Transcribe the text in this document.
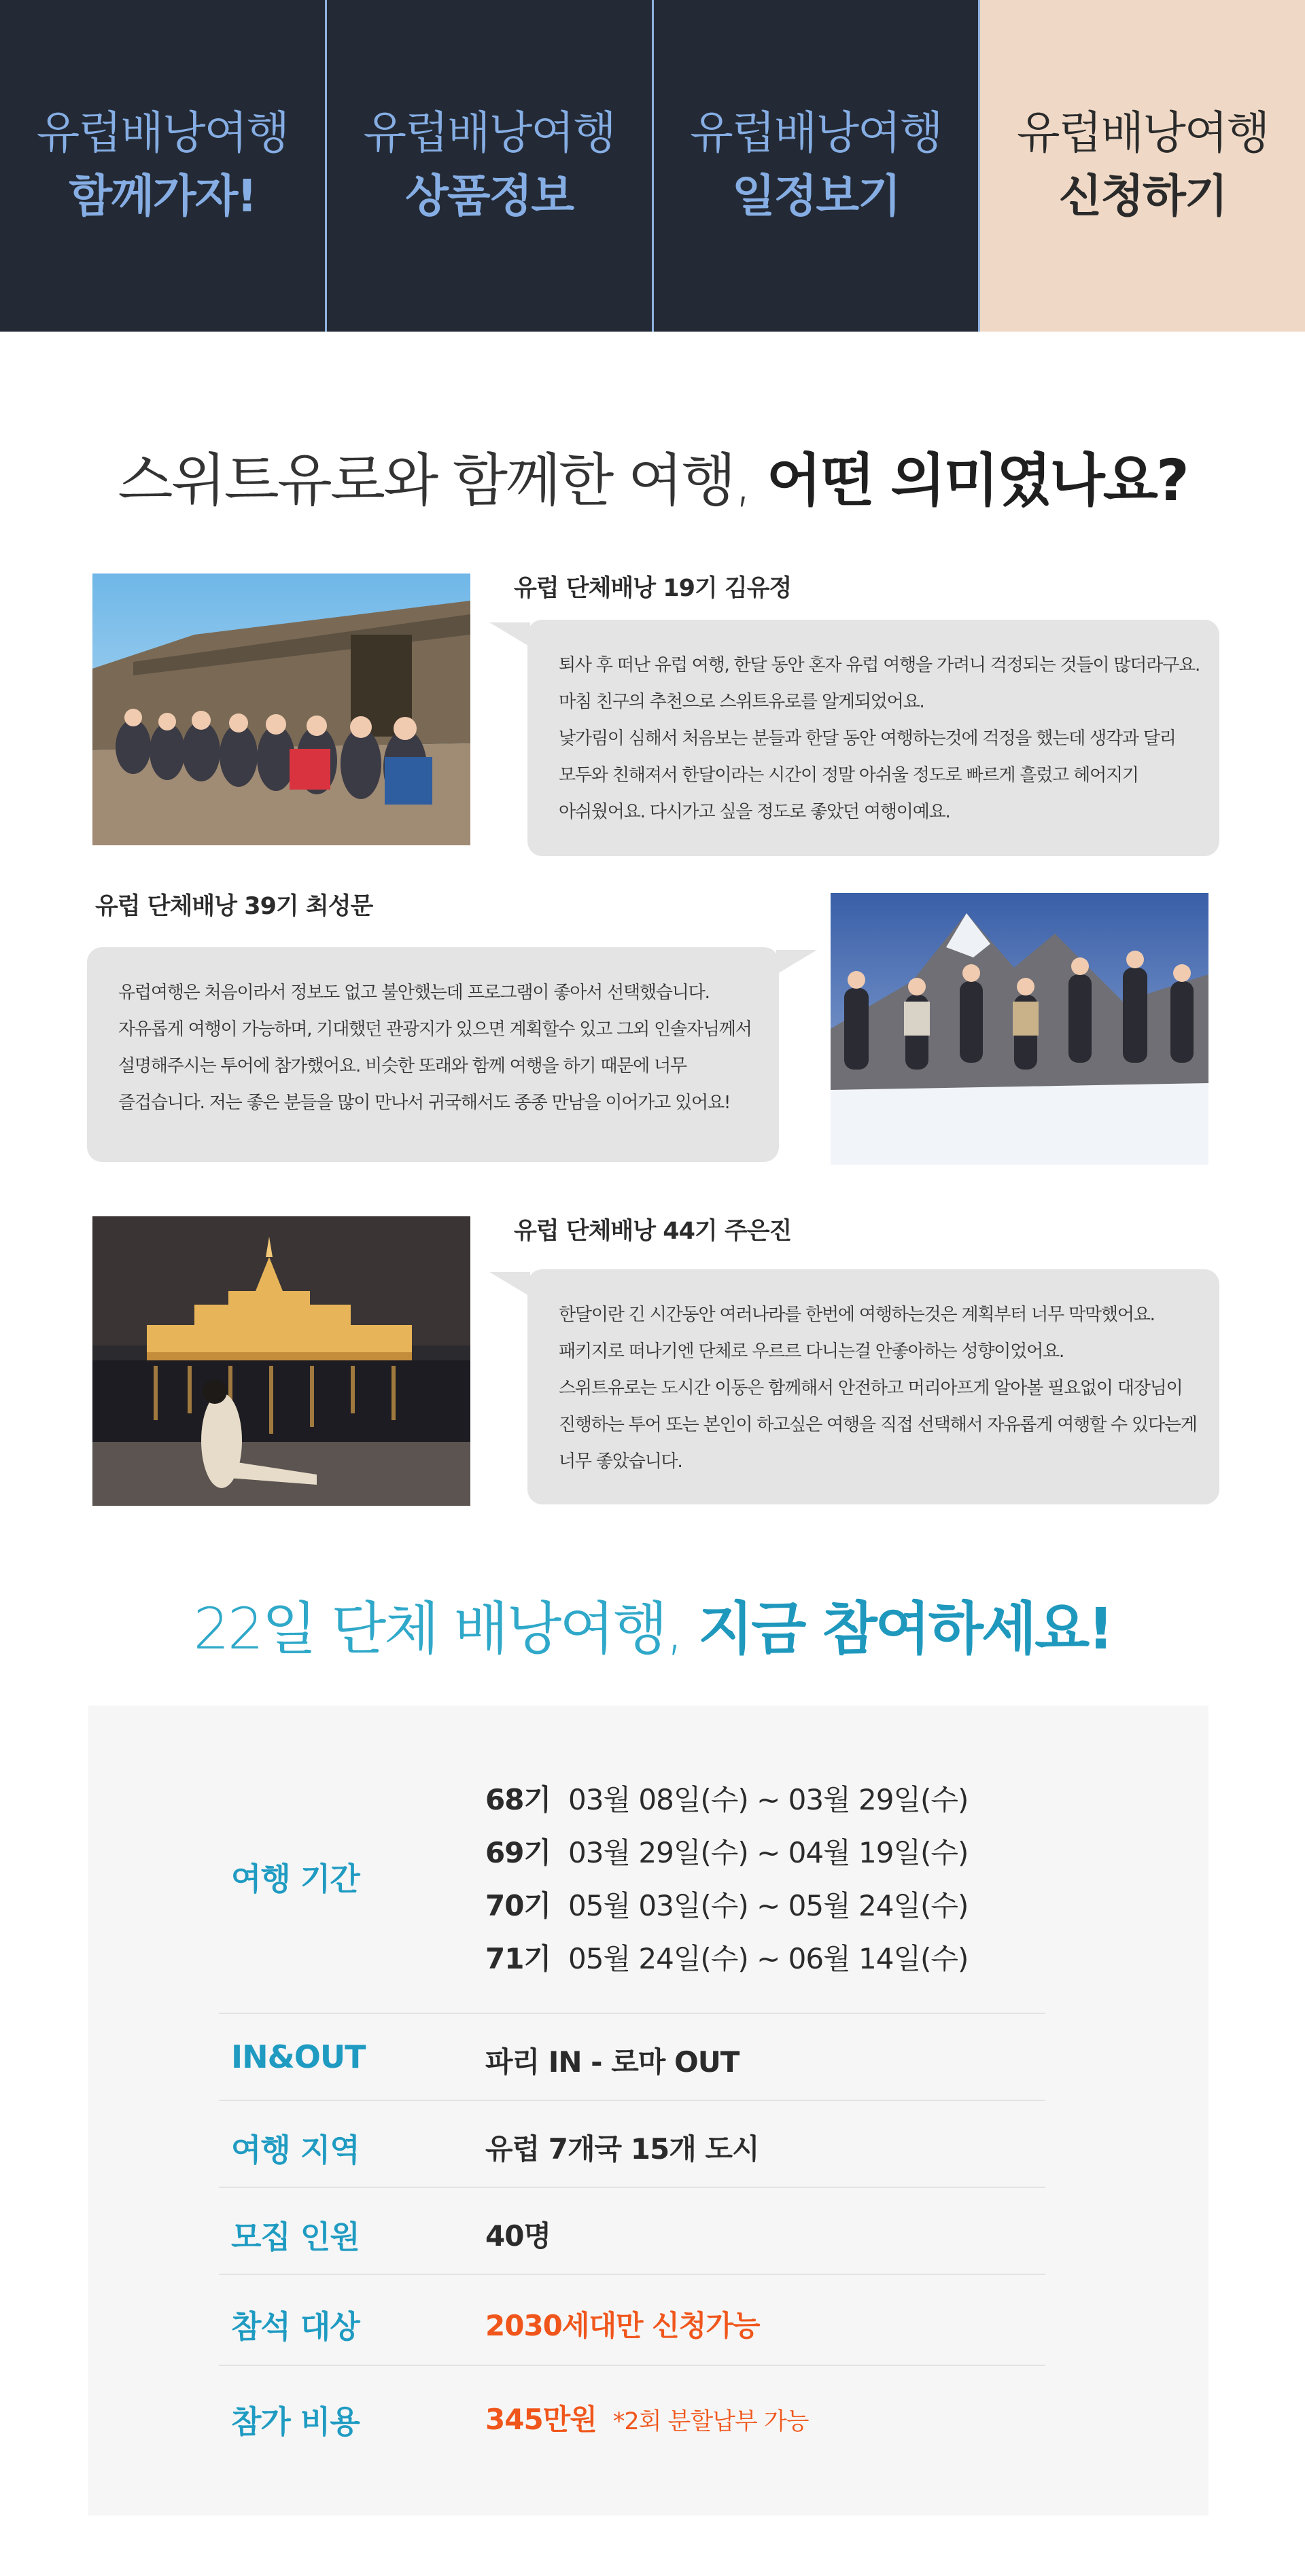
유럽배낭여행
함께가자!
유럽배낭여행
상품정보
유럽배낭여행
일정보기
유럽배낭여행
신청하기
스위트유로와 함께한 여행, 어떤 의미였나요?
유럽 단체배낭 19기 김유정
퇴사 후 떠난 유럽 여행, 한달 동안 혼자 유럽 여행을 가려니 걱정되는 것들이 많더라구요.
마침 친구의 추천으로 스위트유로를 알게되었어요.
낯가림이 심해서 처음보는 분들과 한달 동안 여행하는것에 걱정을 했는데 생각과 달리
모두와 친해져서 한달이라는 시간이 정말 아쉬울 정도로 빠르게 흘렀고 헤어지기
아쉬웠어요. 다시가고 싶을 정도로 좋았던 여행이예요.
유럽 단체배낭 39기 최성문
유럽여행은 처음이라서 정보도 없고 불안했는데 프로그램이 좋아서 선택했습니다.
자유롭게 여행이 가능하며, 기대했던 관광지가 있으면 계획할수 있고 그외 인솔자님께서
설명해주시는 투어에 참가했어요. 비슷한 또래와 함께 여행을 하기 때문에 너무
즐겁습니다. 저는 좋은 분들을 많이 만나서 귀국해서도 종종 만남을 이어가고 있어요!
유럽 단체배낭 44기 주은진
한달이란 긴 시간동안 여러나라를 한번에 여행하는것은 계획부터 너무 막막했어요.
패키지로 떠나기엔 단체로 우르르 다니는걸 안좋아하는 성향이었어요.
스위트유로는 도시간 이동은 함께해서 안전하고 머리아프게 알아볼 필요없이 대장님이
진행하는 투어 또는 본인이 하고싶은 여행을 직접 선택해서 자유롭게 여행할 수 있다는게
너무 좋았습니다.
22일 단체 배낭여행, 지금 참여하세요!
여행 기간
68기 03월 08일(수) ~ 03월 29일(수)
69기 03월 29일(수) ~ 04월 19일(수)
70기 05월 03일(수) ~ 05월 24일(수)
71기 05월 24일(수) ~ 06월 14일(수)
IN&OUT	파리 IN - 로마 OUT
여행 지역	유럽 7개국 15개 도시
모집 인원	40명
참석 대상	2030세대만 신청가능
참가 비용	345만원 *2회 분할납부 가능
